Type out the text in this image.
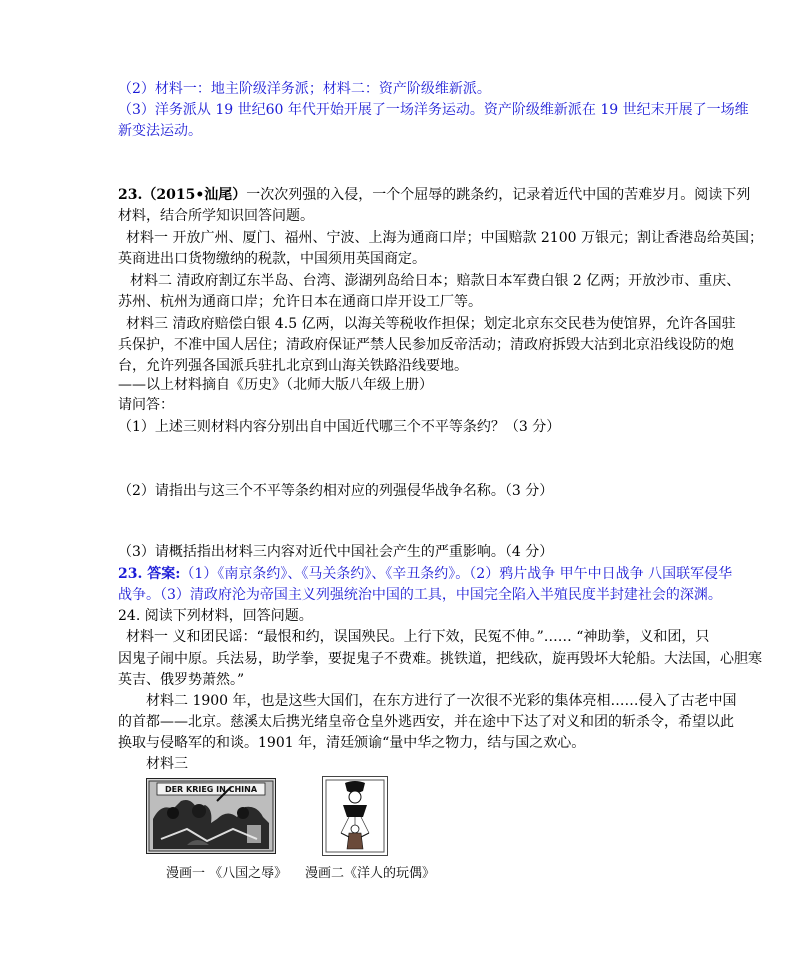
（2）材料一：地主阶级洋务派；材料二：资产阶级维新派。
（3）洋务派从 19 世纪60 年代开始开展了一场洋务运动。资产阶级维新派在 19 世纪末开展了一场维
新变法运动。
23.（2015•汕尾）一次次列强的入侵，一个个屈辱的跳条约，记录着近代中国的苦难岁月。阅读下列
材料，结合所学知识回答问题。
材料一 开放广州、厦门、福州、宁波、上海为通商口岸；中国赔款 2100 万银元；割让香港岛给英国；
英商进出口货物缴纳的税款，中国须用英国商定。
材料二 清政府割辽东半岛、台湾、澎湖列岛给日本；赔款日本军费白银 2 亿两；开放沙市、重庆、
苏州、杭州为通商口岸；允许日本在通商口岸开设工厂等。
材料三 清政府赔偿白银 4.5 亿两，以海关等税收作担保；划定北京东交民巷为使馆界，允许各国驻
兵保护，不准中国人居住；清政府保证严禁人民参加反帝活动；清政府拆毁大沽到北京沿线设防的炮
台，允许列强各国派兵驻扎北京到山海关铁路沿线要地。
——以上材料摘自《历史》（北师大版八年级上册）
请问答：
（1）上述三则材料内容分别出自中国近代哪三个不平等条约？（3 分）
（2）请指出与这三个不平等条约相对应的列强侵华战争名称。（3 分）
（3）请概括指出材料三内容对近代中国社会产生的严重影响。（4 分）
23. 答案:（1）《南京条约》、《马关条约》、《辛丑条约》。（2）鸦片战争 甲午中日战争 八国联军侵华
战争。（3）清政府沦为帝国主义列强统治中国的工具，中国完全陷入半殖民度半封建社会的深渊。
24. 阅读下列材料，回答问题。
材料一 义和团民谣：“最恨和约，误国殃民。上行下效，民冤不伸。”…… “神助拳，义和团，只
因鬼子闹中原。兵法易，助学拳，要捉鬼子不费难。挑铁道，把线砍，旋再毁坏大轮船。大法国，心胆寒
英吉、俄罗势萧然。”
材料二 1900 年，也是这些大国们，在东方进行了一次很不光彩的集体亮相……侵入了古老中国
的首都——北京。慈溪太后携光绪皇帝仓皇外逃西安，并在途中下达了对义和团的斩杀令，希望以此
换取与侵略军的和谈。1901 年，清廷颁谕“量中华之物力，结与国之欢心。
材料三
DER KRIEG IN CHINA
漫画一 《八国之辱》 漫画二《洋人的玩偶》
